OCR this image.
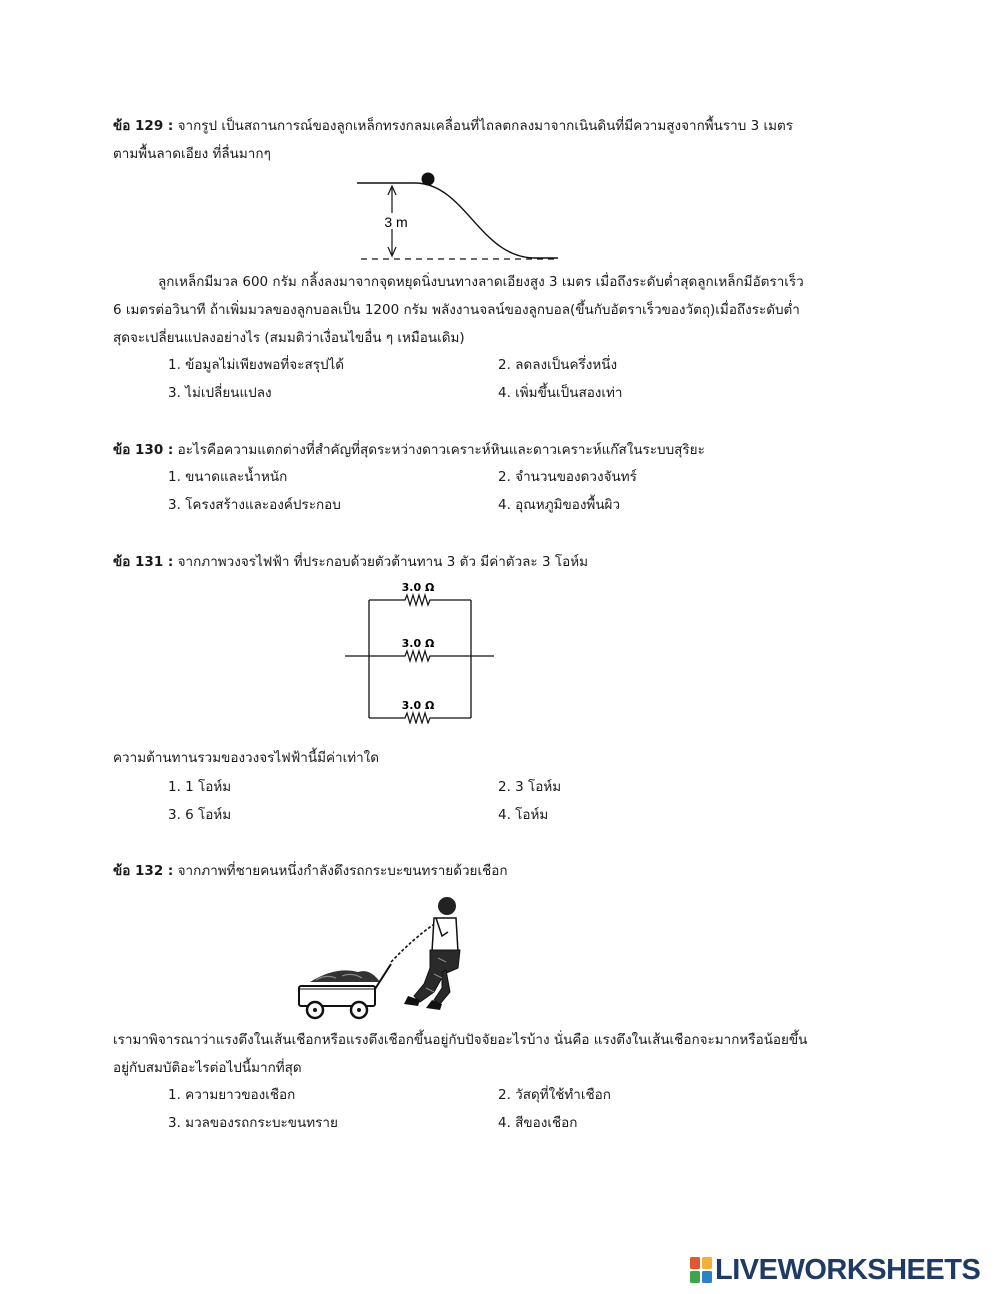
ข้อ 129 : จากรูป เป็นสถานการณ์ของลูกเหล็กทรงกลมเคลื่อนที่ไถลตกลงมาจากเนินดินที่มีความสูงจากพื้นราบ 3 เมตร ตามพื้นลาดเอียง ที่ลื่นมากๆ

3 m

ลูกเหล็กมีมวล 600 กรัม กลิ้งลงมาจากจุดหยุดนิ่งบนทางลาดเอียงสูง 3 เมตร เมื่อถึงระดับต่ำสุดลูกเหล็กมีอัตราเร็ว 6 เมตรต่อวินาที ถ้าเพิ่มมวลของลูกบอลเป็น 1200 กรัม พลังงานจลน์ของลูกบอล(ขึ้นกับอัตราเร็วของวัตถุ)เมื่อถึงระดับต่ำสุดจะเปลี่ยนแปลงอย่างไร (สมมติว่าเงื่อนไขอื่น ๆ เหมือนเดิม)

1. ข้อมูลไม่เพียงพอที่จะสรุปได้	2. ลดลงเป็นครึ่งหนึ่ง
3. ไม่เปลี่ยนแปลง	4. เพิ่มขึ้นเป็นสองเท่า

ข้อ 130 : อะไรคือความแตกต่างที่สำคัญที่สุดระหว่างดาวเคราะห์หินและดาวเคราะห์แก๊สในระบบสุริยะ

1. ขนาดและน้ำหนัก	2. จำนวนของดวงจันทร์
3. โครงสร้างและองค์ประกอบ	4. อุณหภูมิของพื้นผิว

ข้อ 131 : จากภาพวงจรไฟฟ้า ที่ประกอบด้วยตัวต้านทาน 3 ตัว มีค่าตัวละ 3 โอห์ม

3.0 Ω
3.0 Ω
3.0 Ω

ความต้านทานรวมของวงจรไฟฟ้านี้มีค่าเท่าใด

1. 1 โอห์ม	2. 3 โอห์ม
3. 6 โอห์ม	4. โอห์ม

ข้อ 132 : จากภาพที่ชายคนหนึ่งกำลังดึงรถกระบะขนทรายด้วยเชือก

เรามาพิจารณาว่าแรงตึงในเส้นเชือกหรือแรงตึงเชือกขึ้นอยู่กับปัจจัยอะไรบ้าง นั่นคือ แรงตึงในเส้นเชือกจะมากหรือน้อยขึ้นอยู่กับสมบัติอะไรต่อไปนี้มากที่สุด

1. ความยาวของเชือก	2. วัสดุที่ใช้ทำเชือก
3. มวลของรถกระบะขนทราย	4. สีของเชือก
LIVEWORKSHEETS
